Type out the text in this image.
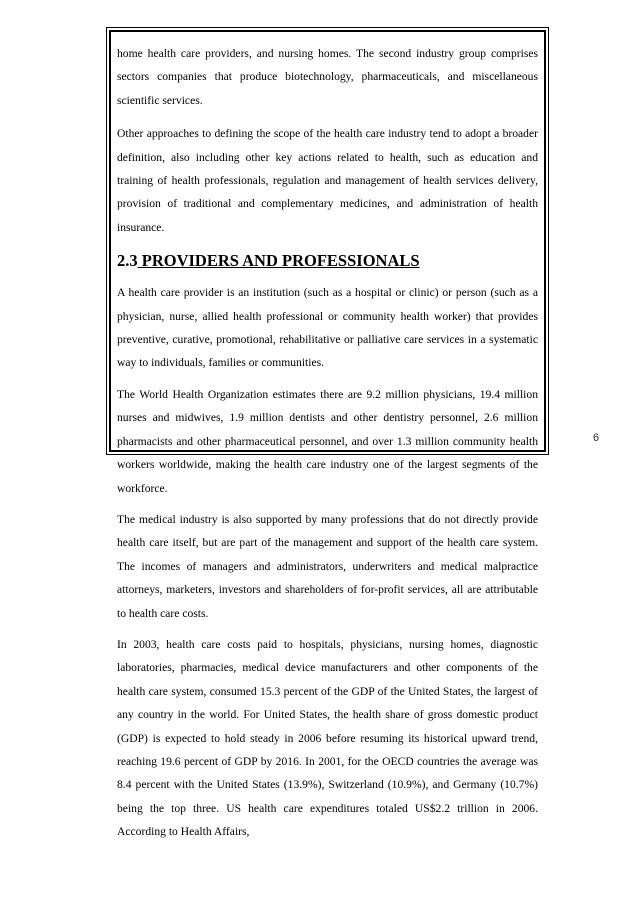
home health care providers, and nursing homes. The second industry group comprises sectors companies that produce biotechnology, pharmaceuticals, and miscellaneous scientific services.

Other approaches to defining the scope of the health care industry tend to adopt a broader definition, also including other key actions related to health, such as education and training of health professionals, regulation and management of health services delivery, provision of traditional and complementary medicines, and administration of health insurance.

2.3 PROVIDERS AND PROFESSIONALS

A health care provider is an institution (such as a hospital or clinic) or person (such as a physician, nurse, allied health professional or community health worker) that provides preventive, curative, promotional, rehabilitative or palliative care services in a systematic way to individuals, families or communities.

The World Health Organization estimates there are 9.2 million physicians, 19.4 million nurses and midwives, 1.9 million dentists and other dentistry personnel, 2.6 million pharmacists and other pharmaceutical personnel, and over 1.3 million community health workers worldwide, making the health care industry one of the largest segments of the workforce.

The medical industry is also supported by many professions that do not directly provide health care itself, but are part of the management and support of the health care system. The incomes of managers and administrators, underwriters and medical malpractice attorneys, marketers, investors and shareholders of for-profit services, all are attributable to health care costs.

In 2003, health care costs paid to hospitals, physicians, nursing homes, diagnostic laboratories, pharmacies, medical device manufacturers and other components of the health care system, consumed 15.3 percent of the GDP of the United States, the largest of any country in the world. For United States, the health share of gross domestic product (GDP) is expected to hold steady in 2006 before resuming its historical upward trend, reaching 19.6 percent of GDP by 2016. In 2001, for the OECD countries the average was 8.4 percent with the United States (13.9%), Switzerland (10.9%), and Germany (10.7%) being the top three. US health care expenditures totaled US$2.2 trillion in 2006. According to Health Affairs,

6
